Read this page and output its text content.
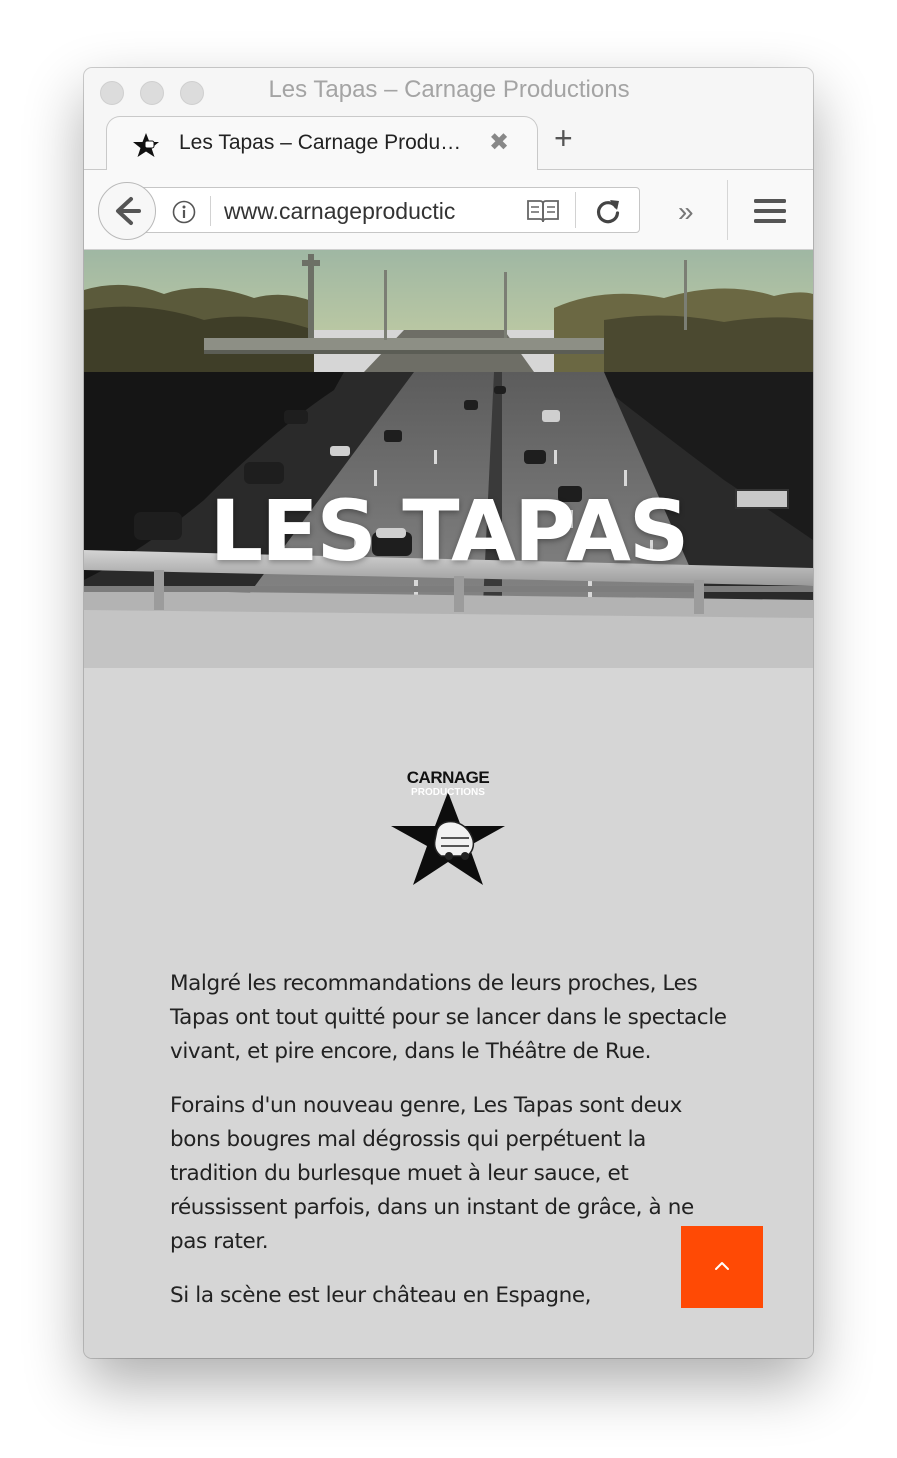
Les Tapas – Carnage Productions
Les Tapas – Carnage Produ… ✖ +
www.carnageproductic	»
LES TAPAS
CARNAGE
PRODUCTIONS

Malgré les recommandations de leurs proches, Les Tapas ont tout quitté pour se lancer dans le spectacle vivant, et pire encore, dans le Théâtre de Rue.

Forains d'un nouveau genre, Les Tapas sont deux bons bougres mal dégrossis qui perpétuent la tradition du burlesque muet à leur sauce, et réussissent parfois, dans un instant de grâce, à ne pas rater.

Si la scène est leur château en Espagne,
